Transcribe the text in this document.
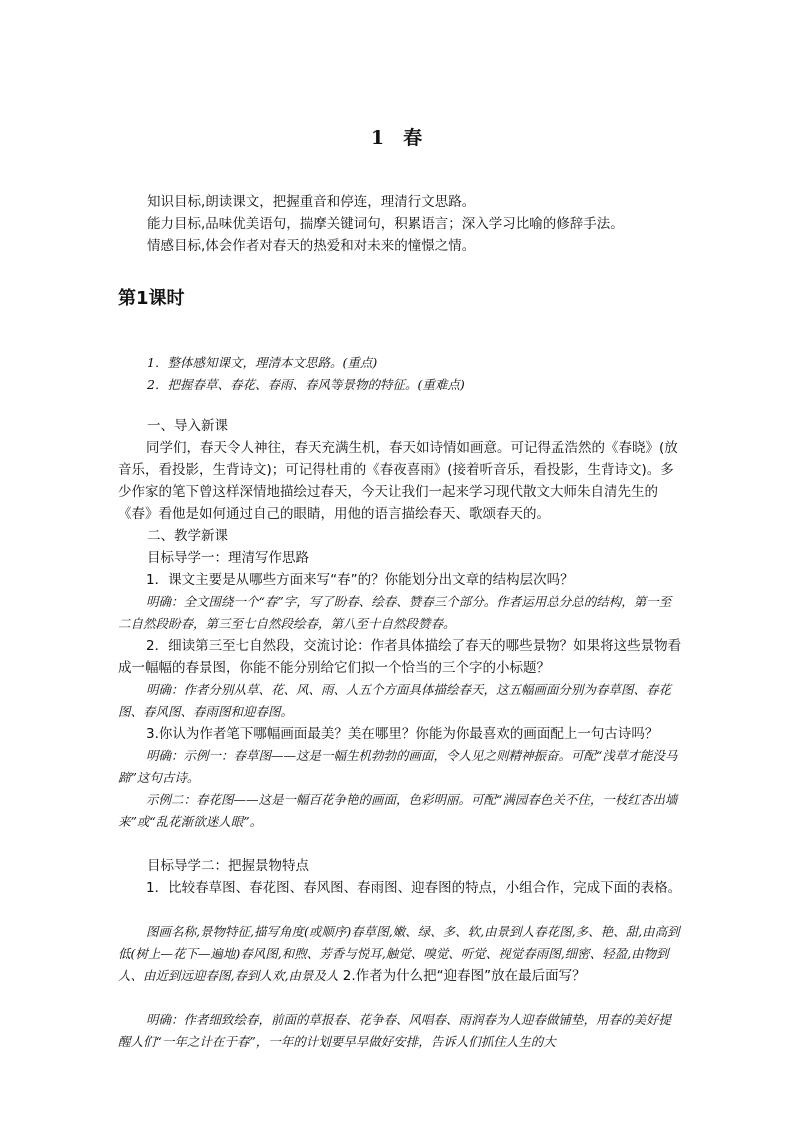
1 春
知识目标,朗读课文，把握重音和停连，理清行文思路。
能力目标,品味优美语句，揣摩关键词句，积累语言；深入学习比喻的修辞手法。
情感目标,体会作者对春天的热爱和对未来的憧憬之情。
第1课时
1．整体感知课文，理清本文思路。(重点)
2．把握春草、春花、春雨、春风等景物的特征。(重难点)
一、导入新课
同学们，春天令人神往，春天充满生机，春天如诗情如画意。可记得孟浩然的《春晓》(放音乐，看投影，生背诗文)；可记得杜甫的《春夜喜雨》(接着听音乐，看投影，生背诗文)。多少作家的笔下曾这样深情地描绘过春天，今天让我们一起来学习现代散文大师朱自清先生的《春》看他是如何通过自己的眼睛，用他的语言描绘春天、歌颂春天的。
二、教学新课
目标导学一：理清写作思路
1．课文主要是从哪些方面来写“春”的？你能划分出文章的结构层次吗？
明确：全文围绕一个“春”字，写了盼春、绘春、赞春三个部分。作者运用总分总的结构，第一至二自然段盼春，第三至七自然段绘春，第八至十自然段赞春。
2．细读第三至七自然段，交流讨论：作者具体描绘了春天的哪些景物？如果将这些景物看成一幅幅的春景图，你能不能分别给它们拟一个恰当的三个字的小标题？
明确：作者分别从草、花、风、雨、人五个方面具体描绘春天，这五幅画面分别为春草图、春花图、春风图、春雨图和迎春图。
3.你认为作者笔下哪幅画面最美？美在哪里？你能为你最喜欢的画面配上一句古诗吗？
明确：示例一：春草图——这是一幅生机勃勃的画面，令人见之则精神振奋。可配“浅草才能没马蹄”这句古诗。
示例二：春花图——这是一幅百花争艳的画面，色彩明丽。可配“满园春色关不住，一枝红杏出墙来”或“乱花渐欲迷人眼”。
目标导学二：把握景物特点
1．比较春草图、春花图、春风图、春雨图、迎春图的特点，小组合作，完成下面的表格。
图画名称,景物特征,描写角度(或顺序)春草图,嫩、绿、多、软,由景到人春花图,多、艳、甜,由高到低(树上—花下—遍地)春风图,和煦、芳香与悦耳,触觉、嗅觉、听觉、视觉春雨图,细密、轻盈,由物到人、由近到远迎春图,春到人欢,由景及人 2.作者为什么把“迎春图”放在最后面写？
明确：作者细致绘春，前面的草报春、花争春、风唱春、雨润春为人迎春做铺垫，用春的美好提醒人们“一年之计在于春”，一年的计划要早早做好安排，告诉人们抓住人生的大
